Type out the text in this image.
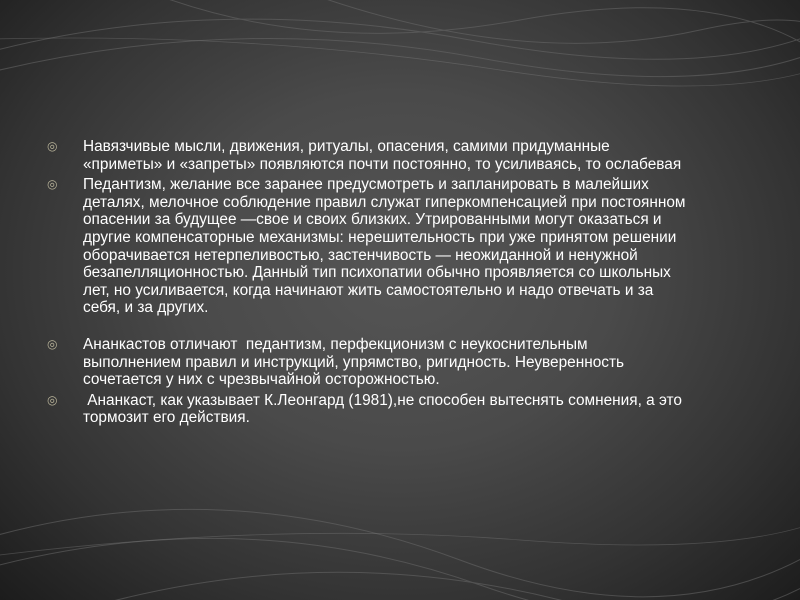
◎ Навязчивые мысли, движения, ритуалы, опасения, самими придуманные «приметы» и «запреты» появляются почти постоянно, то усиливаясь, то ослабевая
◎ Педантизм, желание все заранее предусмотреть и запланировать в малейших деталях, мелочное соблюдение правил служат гиперкомпенсацией при постоянном опасении за будущее —свое и своих близких. Утрированными могут оказаться и другие компенсаторные механизмы: нерешительность при уже принятом решении оборачивается нетерпеливостью, застенчивость — неожиданной и ненужной безапелляционностью. Данный тип психопатии обычно проявляется со школьных лет, но усиливается, когда начинают жить самостоятельно и надо отвечать и за себя, и за других.
◎ Ананкастов отличают  педантизм, перфекционизм с неукоснительным выполнением правил и инструкций, упрямство, ригидность. Неуверенность сочетается у них с чрезвычайной осторожностью.
◎ Ананкаст, как указывает К.Леонгард (1981),не способен вытеснять сомнения, а это тормозит его действия.
